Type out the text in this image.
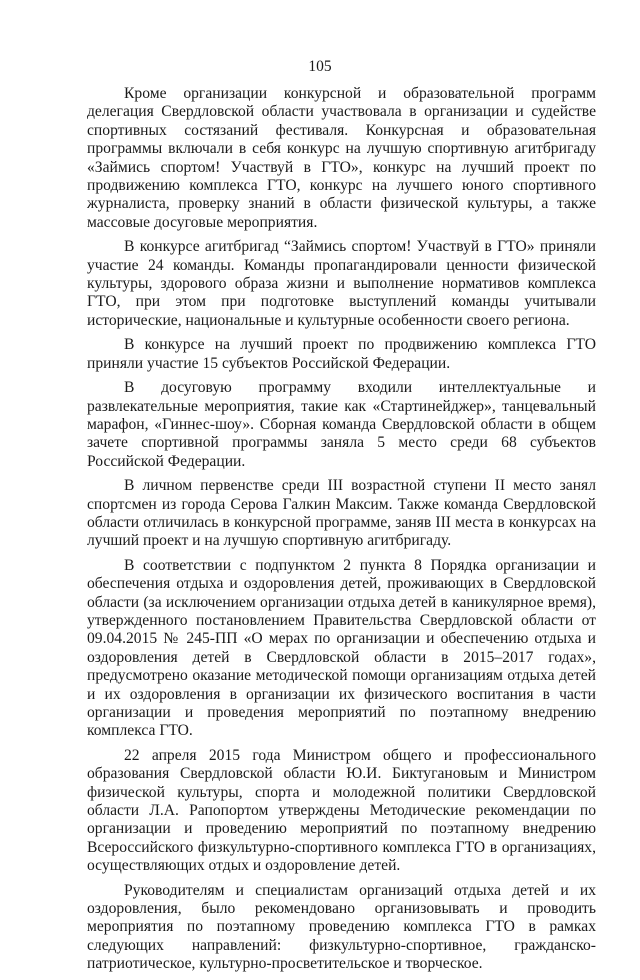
105

Кроме организации конкурсной и образовательной программ делегация Свердловской области участвовала в организации и судействе спортивных состязаний фестиваля. Конкурсная и образовательная программы включали в себя конкурс на лучшую спортивную агитбригаду «Займись спортом! Участвуй в ГТО», конкурс на лучший проект по продвижению комплекса ГТО, конкурс на лучшего юного спортивного журналиста, проверку знаний в области физической культуры, а также массовые досуговые мероприятия.

В конкурсе агитбригад “Займись спортом! Участвуй в ГТО» приняли участие 24 команды. Команды пропагандировали ценности физической культуры, здорового образа жизни и выполнение нормативов комплекса ГТО, при этом при подготовке выступлений команды учитывали исторические, национальные и культурные особенности своего региона.

В конкурсе на лучший проект по продвижению комплекса ГТО приняли участие 15 субъектов Российской Федерации.

В досуговую программу входили интеллектуальные и развлекательные мероприятия, такие как «Стартинейджер», танцевальный марафон, «Гиннес-шоу». Сборная команда Свердловской области в общем зачете спортивной программы заняла 5 место среди 68 субъектов Российской Федерации.

В личном первенстве среди III возрастной ступени II место занял спортсмен из города Серова Галкин Максим. Также команда Свердловской области отличилась в конкурсной программе, заняв III места в конкурсах на лучший проект и на лучшую спортивную агитбригаду.

В соответствии с подпунктом 2 пункта 8 Порядка организации и обеспечения отдыха и оздоровления детей, проживающих в Свердловской области (за исключением организации отдыха детей в каникулярное время), утвержденного постановлением Правительства Свердловской области от 09.04.2015 № 245-ПП «О мерах по организации и обеспечению отдыха и оздоровления детей в Свердловской области в 2015–2017 годах», предусмотрено оказание методической помощи организациям отдыха детей и их оздоровления в организации их физического воспитания в части организации и проведения мероприятий по поэтапному внедрению комплекса ГТО.

22 апреля 2015 года Министром общего и профессионального образования Свердловской области Ю.И. Биктугановым и Министром физической культуры, спорта и молодежной политики Свердловской области Л.А. Рапопортом утверждены Методические рекомендации по организации и проведению мероприятий по поэтапному внедрению Всероссийского физкультурно-спортивного комплекса ГТО в организациях, осуществляющих отдых и оздоровление детей.

Руководителям и специалистам организаций отдыха детей и их оздоровления, было рекомендовано организовывать и проводить мероприятия по поэтапному проведению комплекса ГТО в рамках следующих направлений: физкультурно-спортивное, гражданско-патриотическое, культурно-просветительское и творческое.
